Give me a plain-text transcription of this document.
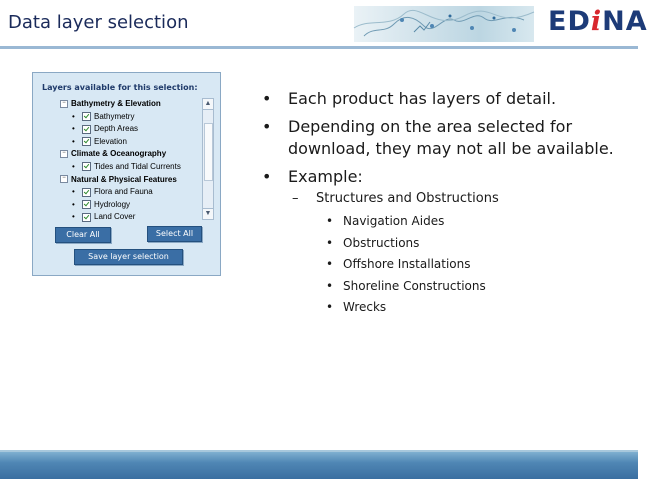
Data layer selection	EDiNA
Layers available for this selection:
− Bathymetry & Elevation
• Bathymetry
• Depth Areas
• Elevation
− Climate & Oceanography
• Tides and Tidal Currents
− Natural & Physical Features
• Flora and Fauna
• Hydrology
• Land Cover
▲
▼
Clear All	Select All
Save layer selection
• Each product has layers of detail.
• Depending on the area selected for download, they may not all be available.
• Example:
– Structures and Obstructions
• Navigation Aides
• Obstructions
• Offshore Installations
• Shoreline Constructions
• Wrecks
